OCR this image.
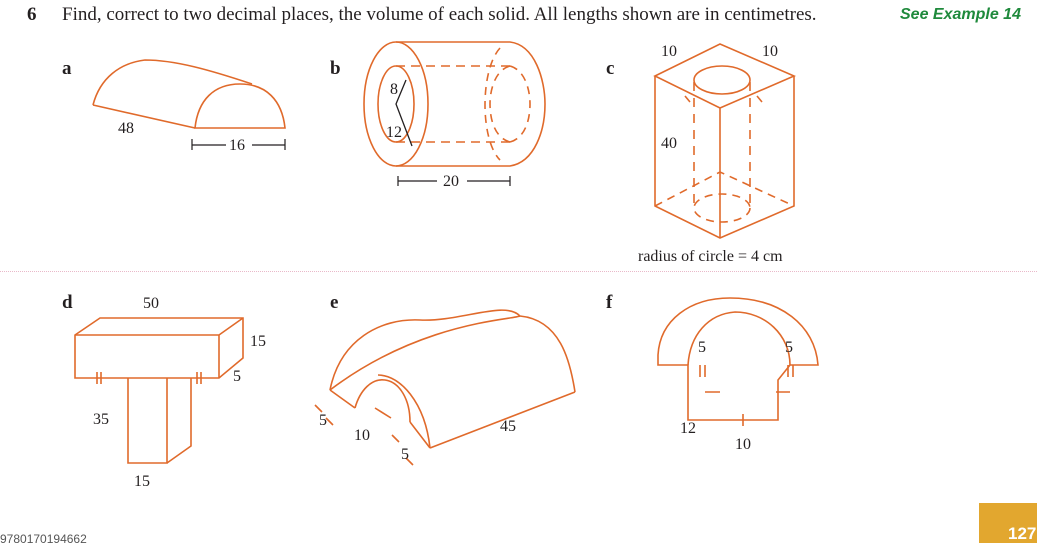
6 Find, correct to two decimal places, the volume of each solid. All lengths shown are in centimetres.	See Example 14
a	b	c
d	e	f
48
16
8
12
20
10	10
40
50
15
5
35
15
5
10
5
45
5	5
12
10
radius of circle = 4 cm
9780170194662	127
